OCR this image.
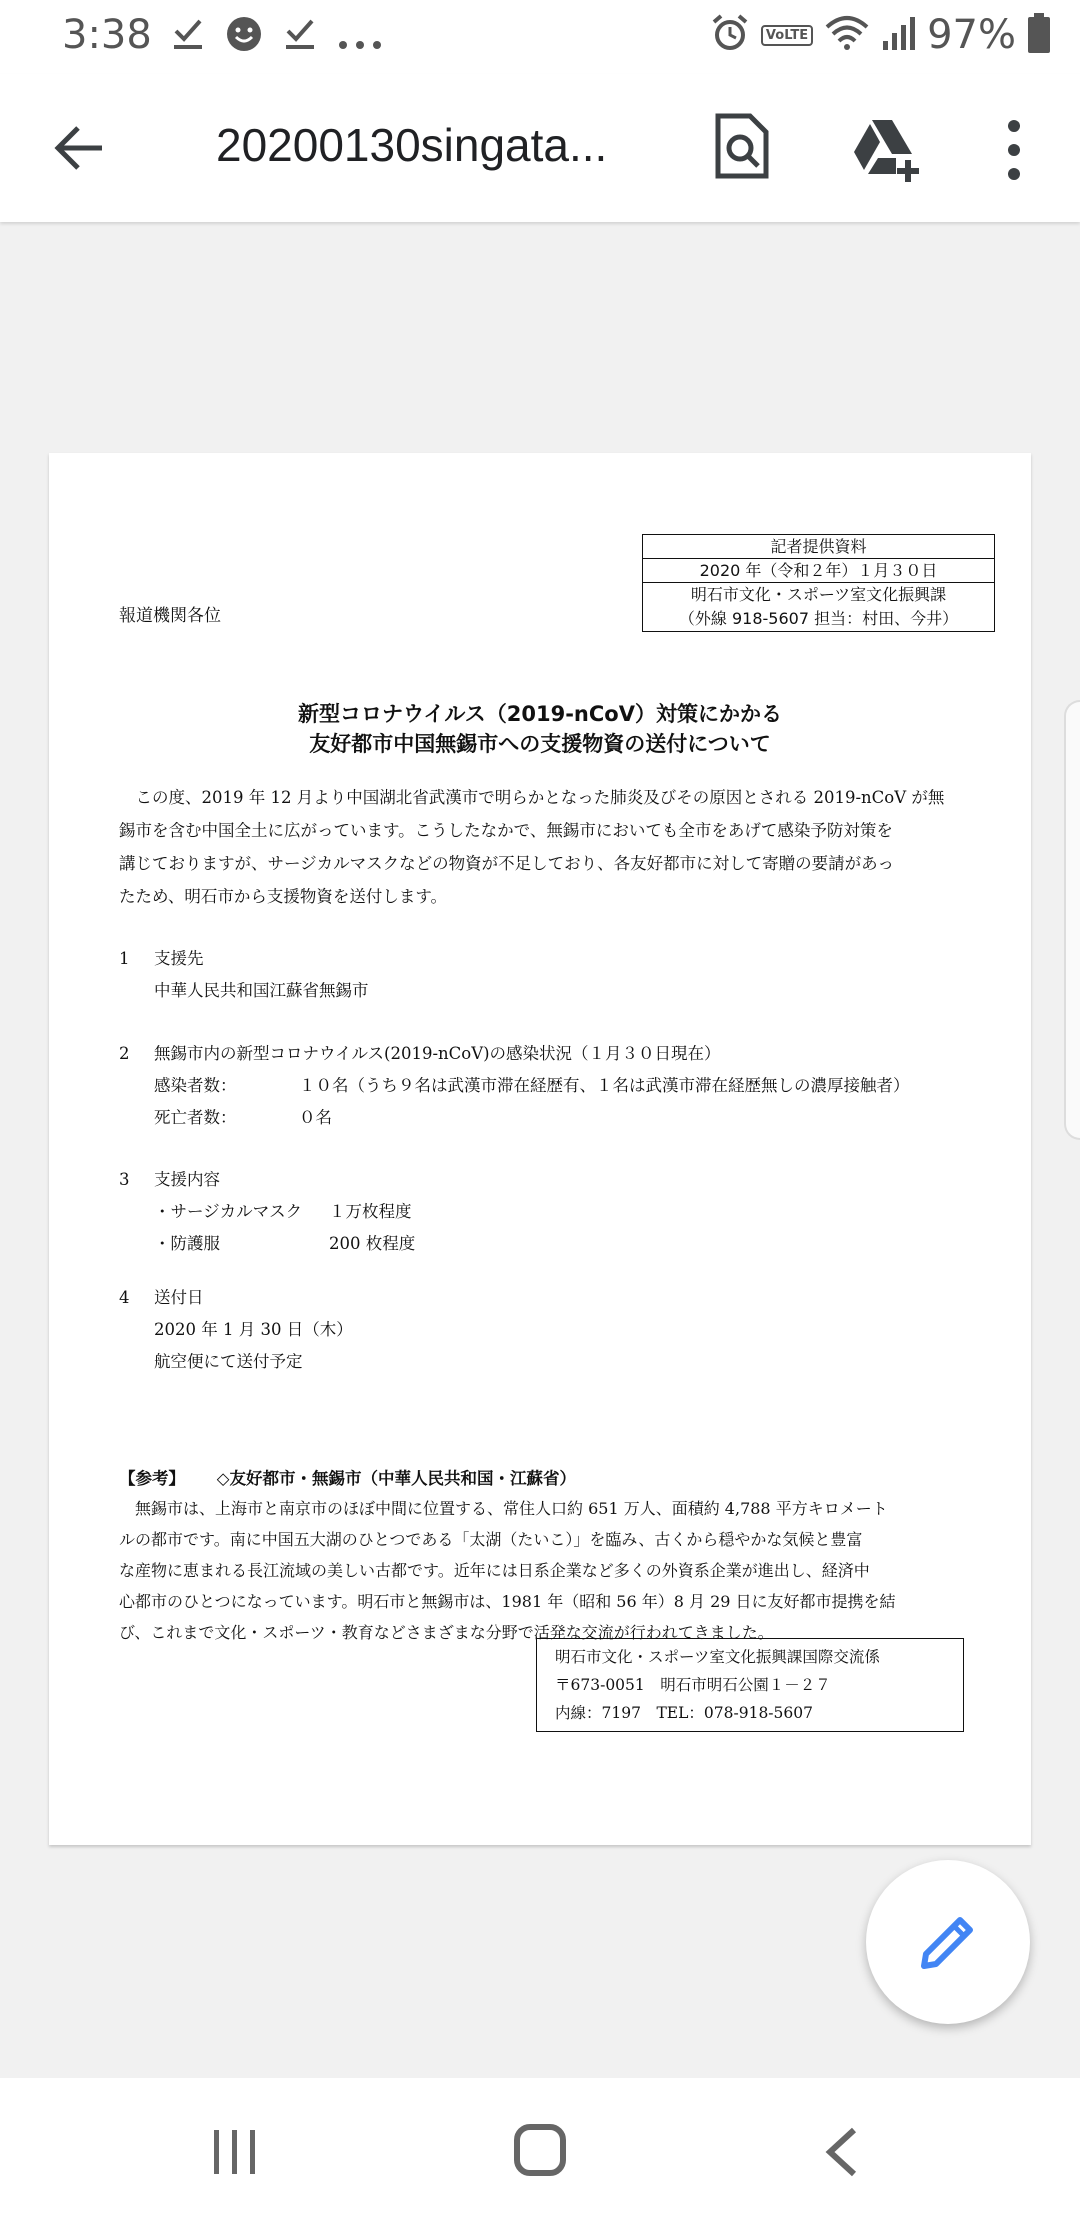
3:38	VoLTE	97%
20200130singata...
記者提供資料
2020 年（令和２年）１月３０日
明石市文化・スポーツ室文化振興課
（外線 918-5607 担当：村田、今井）
報道機関各位
新型コロナウイルス（2019-nCoV）対策にかかる
友好都市中国無錫市への支援物資の送付について
　この度、2019 年 12 月より中国湖北省武漢市で明らかとなった肺炎及びその原因とされる 2019-nCoV が無
錫市を含む中国全土に広がっています。こうしたなかで、無錫市においても全市をあげて感染予防対策を
講じておりますが、サージカルマスクなどの物資が不足しており、各友好都市に対して寄贈の要請があっ
たため、明石市から支援物資を送付します。
1 支援先
中華人民共和国江蘇省無錫市
2 無錫市内の新型コロナウイルス(2019-nCoV)の感染状況（１月３０日現在）
感染者数：	１０名（うち９名は武漢市滞在経歴有、１名は武漢市滞在経歴無しの濃厚接触者）
死亡者数：	０名
3 支援内容
・サージカルマスク １万枚程度
・防護服	200 枚程度
4 送付日
2020 年 1 月 30 日（木）
航空便にて送付予定
【参考】 ◇友好都市・無錫市（中華人民共和国・江蘇省）
　無錫市は、上海市と南京市のほぼ中間に位置する、常住人口約 651 万人、面積約 4,788 平方キロメート
ルの都市です。南に中国五大湖のひとつである「太湖（たいこ）」を臨み、古くから穏やかな気候と豊富
な産物に恵まれる長江流域の美しい古都です。近年には日系企業など多くの外資系企業が進出し、経済中
心都市のひとつになっています。明石市と無錫市は、1981 年（昭和 56 年）8 月 29 日に友好都市提携を結
び、これまで文化・スポーツ・教育などさまざまな分野で活発な交流が行われてきました。
明石市文化・スポーツ室文化振興課国際交流係
〒673-0051　明石市明石公園１－２７
内線：7197　TEL：078-918-5607
